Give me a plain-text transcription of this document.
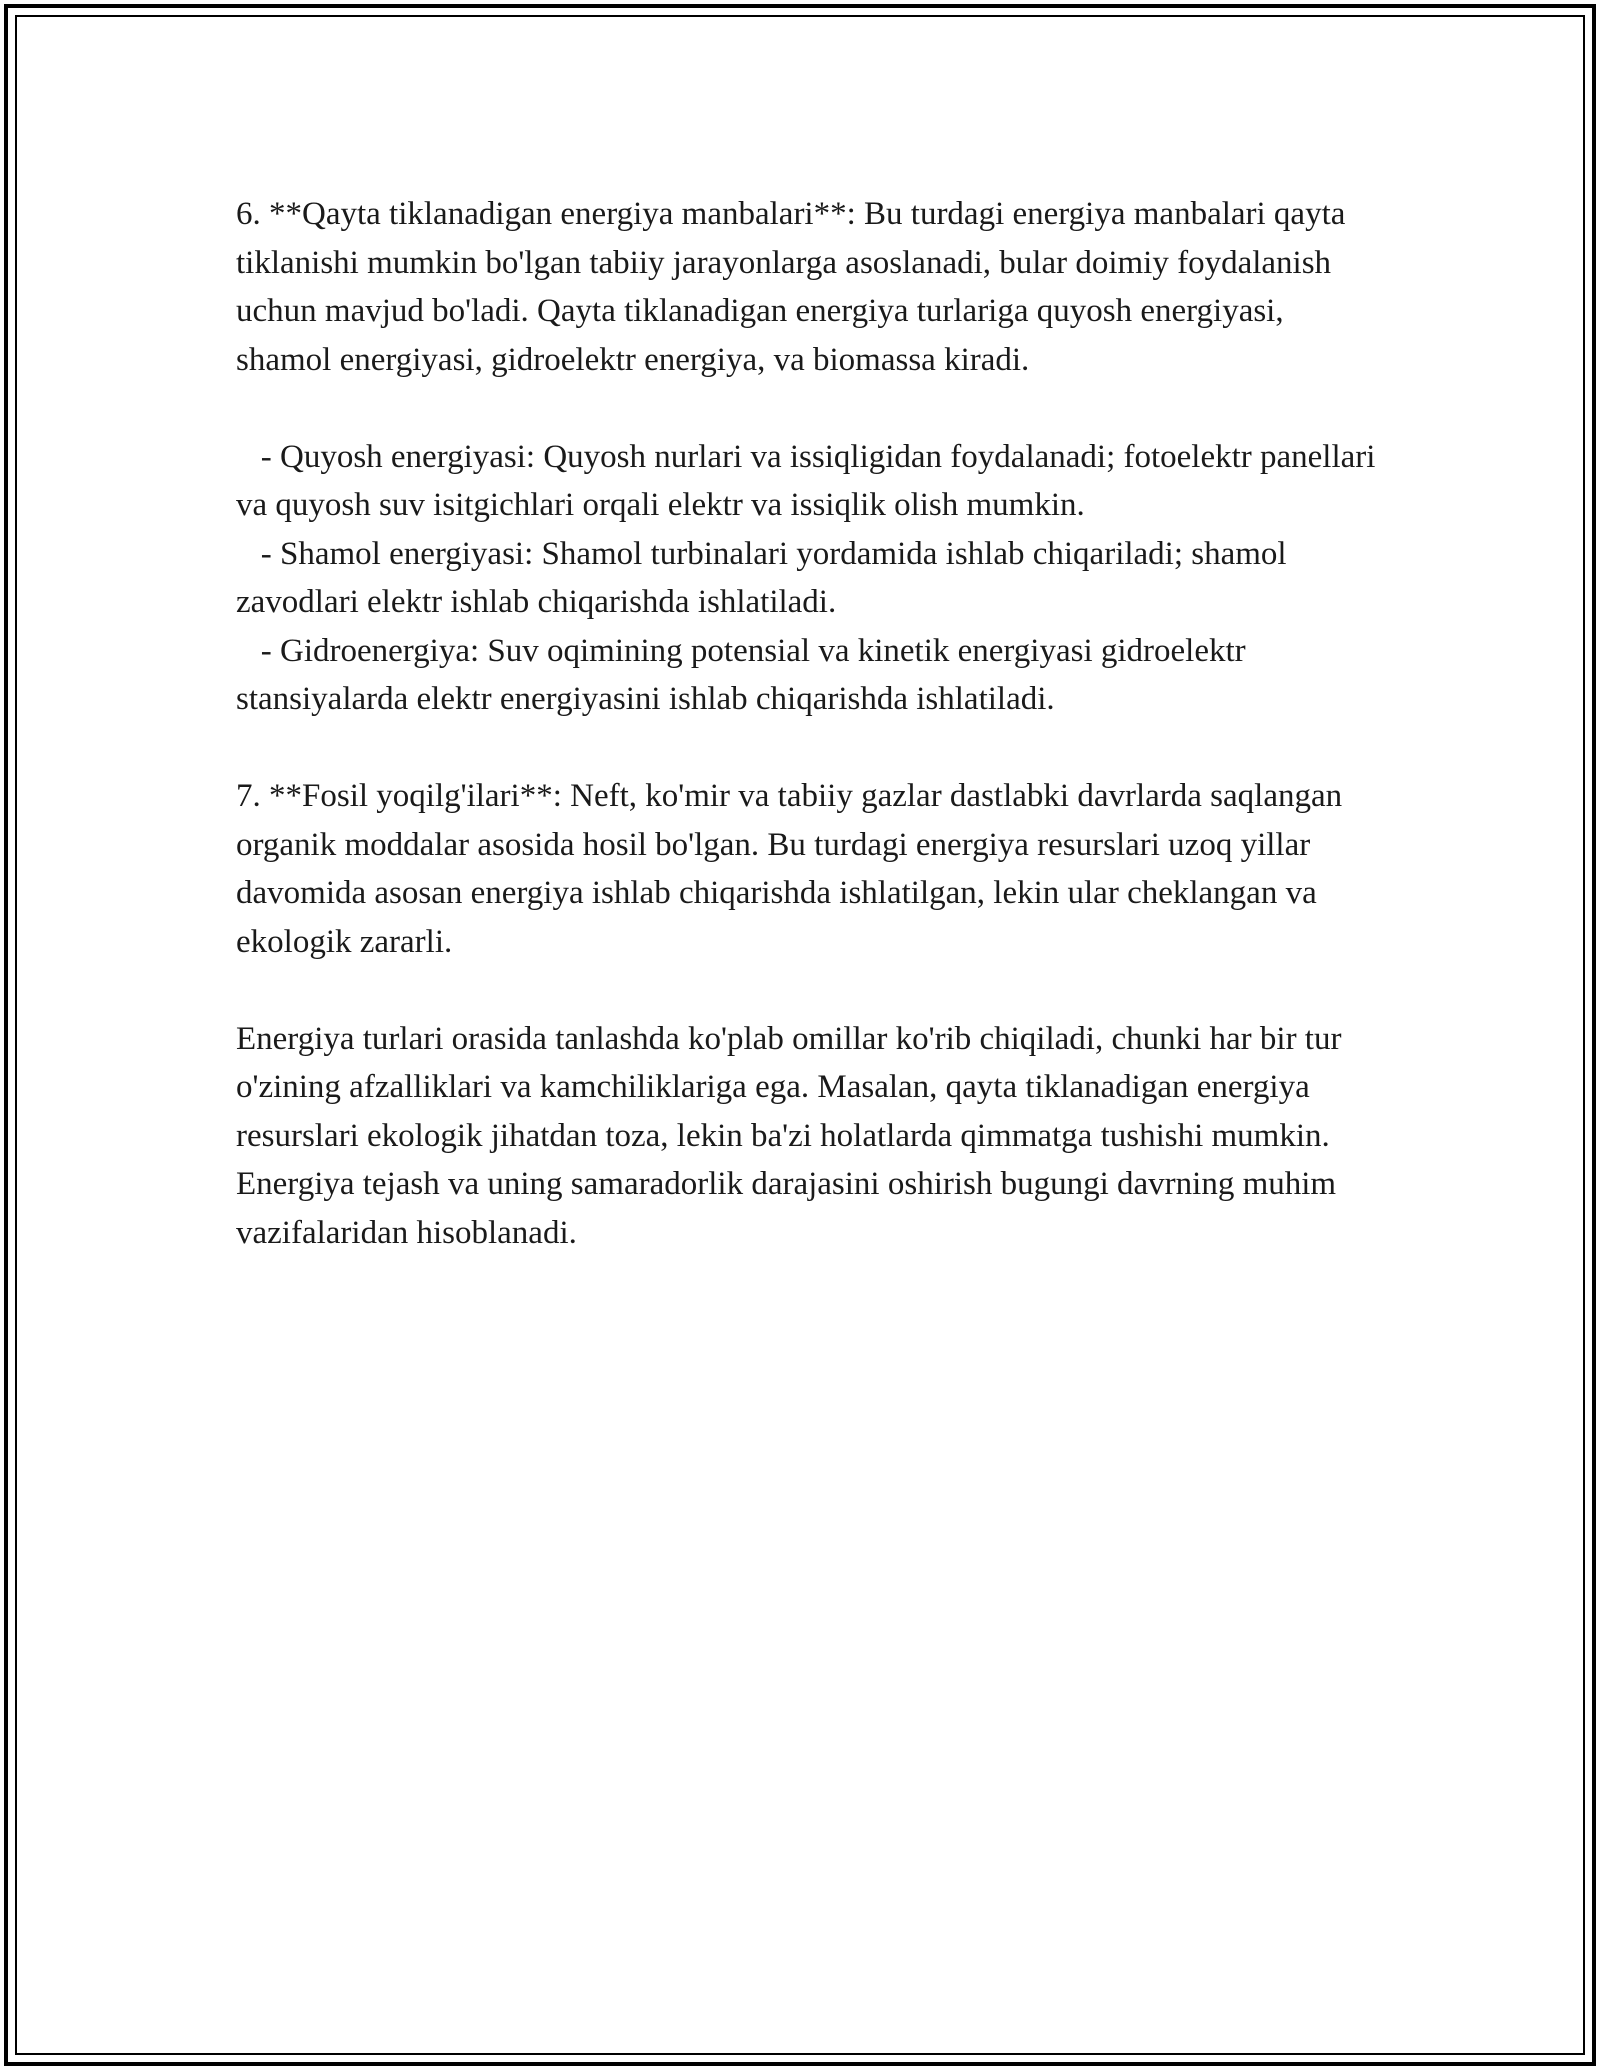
6. **Qayta tiklanadigan energiya manbalari**: Bu turdagi energiya manbalari qayta tiklanishi mumkin bo'lgan tabiiy jarayonlarga asoslanadi, bular doimiy foydalanish uchun mavjud bo'ladi. Qayta tiklanadigan energiya turlariga quyosh energiyasi, shamol energiyasi, gidroelektr energiya, va biomassa kiradi.

- Quyosh energiyasi: Quyosh nurlari va issiqligidan foydalanadi; fotoelektr panellari va quyosh suv isitgichlari orqali elektr va issiqlik olish mumkin.

- Shamol energiyasi: Shamol turbinalari yordamida ishlab chiqariladi; shamol zavodlari elektr ishlab chiqarishda ishlatiladi.

- Gidroenergiya: Suv oqimining potensial va kinetik energiyasi gidroelektr stansiyalarda elektr energiyasini ishlab chiqarishda ishlatiladi.

7. **Fosil yoqilg'ilari**: Neft, ko'mir va tabiiy gazlar dastlabki davrlarda saqlangan organik moddalar asosida hosil bo'lgan. Bu turdagi energiya resurslari uzoq yillar davomida asosan energiya ishlab chiqarishda ishlatilgan, lekin ular cheklangan va ekologik zararli.

Energiya turlari orasida tanlashda ko'plab omillar ko'rib chiqiladi, chunki har bir tur o'zining afzalliklari va kamchiliklariga ega. Masalan, qayta tiklanadigan energiya resurslari ekologik jihatdan toza, lekin ba'zi holatlarda qimmatga tushishi mumkin. Energiya tejash va uning samaradorlik darajasini oshirish bugungi davrning muhim vazifalaridan hisoblanadi.
